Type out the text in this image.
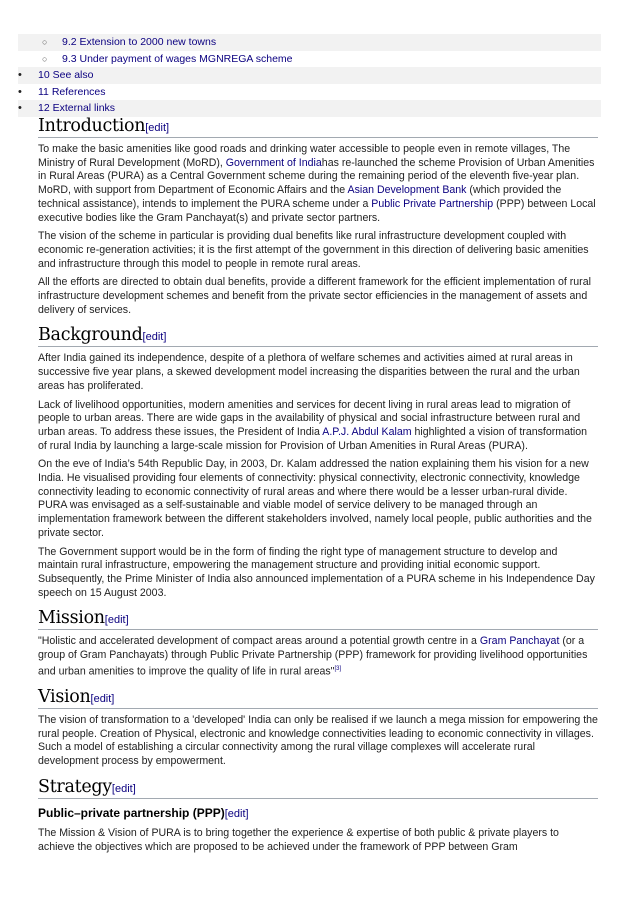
○ 9.2 Extension to 2000 new towns
○ 9.3 Under payment of wages MGNREGA scheme
• 10 See also
• 11 References
• 12 External links
Introduction[edit]

To make the basic amenities like good roads and drinking water accessible to people even in remote villages, The Ministry of Rural Development (MoRD), Government of Indiahas re-launched the scheme Provision of Urban Amenities in Rural Areas (PURA) as a Central Government scheme during the remaining period of the eleventh five-year plan. MoRD, with support from Department of Economic Affairs and the Asian Development Bank (which provided the technical assistance), intends to implement the PURA scheme under a Public Private Partnership (PPP) between Local executive bodies like the Gram Panchayat(s) and private sector partners.

The vision of the scheme in particular is providing dual benefits like rural infrastructure development coupled with economic re-generation activities; it is the first attempt of the government in this direction of delivering basic amenities and infrastructure through this model to people in remote rural areas.

All the efforts are directed to obtain dual benefits, provide a different framework for the efficient implementation of rural infrastructure development schemes and benefit from the private sector efficiencies in the management of assets and delivery of services.

Background[edit]

After India gained its independence, despite of a plethora of welfare schemes and activities aimed at rural areas in successive five year plans, a skewed development model increasing the disparities between the rural and the urban areas has proliferated.

Lack of livelihood opportunities, modern amenities and services for decent living in rural areas lead to migration of people to urban areas. There are wide gaps in the availability of physical and social infrastructure between rural and urban areas. To address these issues, the President of India A.P.J. Abdul Kalam highlighted a vision of transformation of rural India by launching a large-scale mission for Provision of Urban Amenities in Rural Areas (PURA).

On the eve of India’s 54th Republic Day, in 2003, Dr. Kalam addressed the nation explaining them his vision for a new India. He visualised providing four elements of connectivity: physical connectivity, electronic connectivity, knowledge connectivity leading to economic connectivity of rural areas and where there would be a lesser urban-rural divide. PURA was envisaged as a self-sustainable and viable model of service delivery to be managed through an implementation framework between the different stakeholders involved, namely local people, public authorities and the private sector.

The Government support would be in the form of finding the right type of management structure to develop and maintain rural infrastructure, empowering the management structure and providing initial economic support. Subsequently, the Prime Minister of India also announced implementation of a PURA scheme in his Independence Day speech on 15 August 2003.

Mission[edit]

"Holistic and accelerated development of compact areas around a potential growth centre in a Gram Panchayat (or a group of Gram Panchayats) through Public Private Partnership (PPP) framework for providing livelihood opportunities and urban amenities to improve the quality of life in rural areas"[3]

Vision[edit]

The vision of transformation to a 'developed' India can only be realised if we launch a mega mission for empowering the rural people. Creation of Physical, electronic and knowledge connectivities leading to economic connectivity in villages. Such a model of establishing a circular connectivity among the rural village complexes will accelerate rural development process by empowerment.

Strategy[edit]
Public–private partnership (PPP)[edit]

The Mission & Vision of PURA is to bring together the experience & expertise of both public & private players to achieve the objectives which are proposed to be achieved under the framework of PPP between Gram
